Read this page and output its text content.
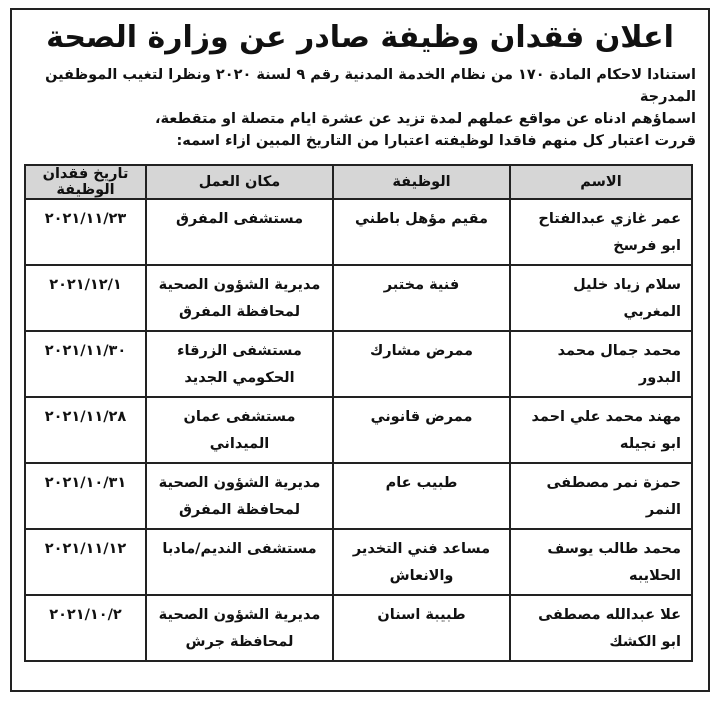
اعلان فقدان وظيفة صادر عن وزارة الصحة
استنادا لاحكام المادة ١٧٠ من نظام الخدمة المدنية رقم ٩ لسنة ٢٠٢٠ ونظرا لتغيب الموظفين المدرجة
اسماؤهم ادناه عن مواقع عملهم لمدة تزيد عن عشرة ايام متصلة او متقطعة،
قررت اعتبار كل منهم فاقدا لوظيفته اعتبارا من التاريخ المبين ازاء اسمه:
الاسم	الوظيفة	مكان العمل	تاريخ فقدان الوظيفة
عمر غازي عبدالفتاح ابو فرسخ	مقيم مؤهل باطني	مستشفى المفرق	٢٠٢١/١١/٢٣
سلام زياد خليل المغربي	فنية مختبر	مديرية الشؤون الصحية لمحافظة المفرق	٢٠٢١/١٢/١
محمد جمال محمد البدور	ممرض مشارك	مستشفى الزرقاء الحكومي الجديد	٢٠٢١/١١/٣٠
مهند محمد علي احمد ابو نجيله	ممرض قانوني	مستشفى عمان الميداني	٢٠٢١/١١/٢٨
حمزة نمر مصطفى النمر	طبيب عام	مديرية الشؤون الصحية لمحافظة المفرق	٢٠٢١/١٠/٣١
محمد طالب يوسف الحلايبه	مساعد فني التخدير والانعاش	مستشفى النديم/مادبا	٢٠٢١/١١/١٢
علا عبدالله مصطفى ابو الكشك	طبيبة اسنان	مديرية الشؤون الصحية لمحافظة جرش	٢٠٢١/١٠/٢
